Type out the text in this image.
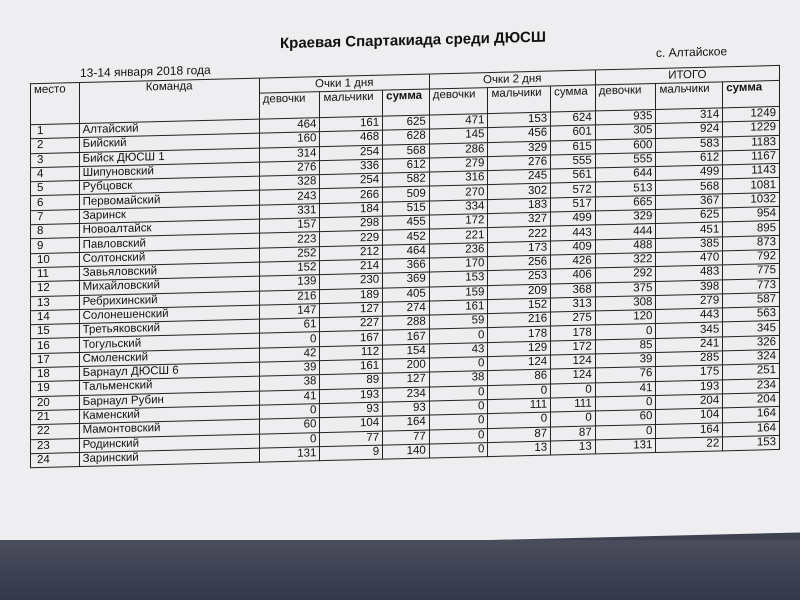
Краевая Спартакиада среди ДЮСШ
13-14 января 2018 года
с. Алтайское
место	Команда	Очки 1 дня			Очки 2 дня			ИТОГО		
		девочки	мальчики	сумма	девочки	мальчики	сумма	девочки	мальчики	сумма
1	Алтайский	464	161	625	471	153	624	935	314	1249
2	Бийский	160	468	628	145	456	601	305	924	1229
3	Бийск ДЮСШ 1	314	254	568	286	329	615	600	583	1183
4	Шипуновский	276	336	612	279	276	555	555	612	1167
5	Рубцовск	328	254	582	316	245	561	644	499	1143
6	Первомайский	243	266	509	270	302	572	513	568	1081
7	Заринск	331	184	515	334	183	517	665	367	1032
8	Новоалтайск	157	298	455	172	327	499	329	625	954
9	Павловский	223	229	452	221	222	443	444	451	895
10	Солтонский	252	212	464	236	173	409	488	385	873
11	Завьяловский	152	214	366	170	256	426	322	470	792
12	Михайловский	139	230	369	153	253	406	292	483	775
13	Ребрихинский	216	189	405	159	209	368	375	398	773
14	Солонешенский	147	127	274	161	152	313	308	279	587
15	Третьяковский	61	227	288	59	216	275	120	443	563
16	Тогульский	0	167	167	0	178	178	0	345	345
17	Смоленский	42	112	154	43	129	172	85	241	326
18	Барнаул ДЮСШ 6	39	161	200	0	124	124	39	285	324
19	Тальменский	38	89	127	38	86	124	76	175	251
20	Барнаул Рубин	41	193	234	0	0	0	41	193	234
21	Каменский	0	93	93	0	111	111	0	204	204
22	Мамонтовский	60	104	164	0	0	0	60	104	164
23	Родинский	0	77	77	0	87	87	0	164	164
24	Заринский	131	9	140	0	13	13	131	22	153
